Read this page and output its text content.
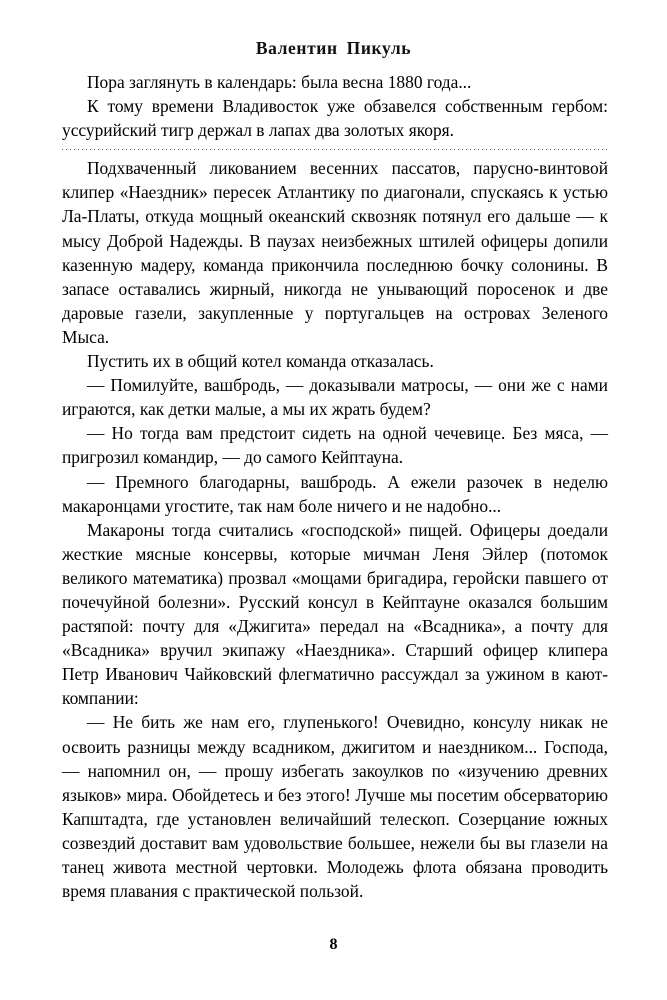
Валентин Пикуль

Пора заглянуть в календарь: была весна 1880 года...

К тому времени Владивосток уже обзавелся собственным гербом: уссурийский тигр держал в лапах два золотых якоря.

Подхваченный ликованием весенних пассатов, парусно-винтовой клипер «Наездник» пересек Атлантику по диагонали, спускаясь к устью Ла-Платы, откуда мощный океанский сквозняк потянул его дальше — к мысу Доброй Надежды. В паузах неизбежных штилей офицеры допили казенную мадеру, команда прикончила последнюю бочку солонины. В запасе оставались жирный, никогда не унывающий поросенок и две даровые газели, закупленные у португальцев на островах Зеленого Мыса.

Пустить их в общий котел команда отказалась.

— Помилуйте, вашбродь, — доказывали матросы, — они же с нами играются, как детки малые, а мы их жрать будем?

— Но тогда вам предстоит сидеть на одной чечевице. Без мяса, — пригрозил командир, — до самого Кейптауна.

— Премного благодарны, вашбродь. А ежели разочек в неделю макаронцами угостите, так нам боле ничего и не надобно...

Макароны тогда считались «господской» пищей. Офицеры доедали жесткие мясные консервы, которые мичман Леня Эйлер (потомок великого математика) прозвал «мощами бригадира, геройски павшего от почечуйной болезни». Русский консул в Кейптауне оказался большим растяпой: почту для «Джигита» передал на «Всадника», а почту для «Всадника» вручил экипажу «Наездника». Старший офицер клипера Петр Иванович Чайковский флегматично рассуждал за ужином в кают-компании:

— Не бить же нам его, глупенького! Очевидно, консулу никак не освоить разницы между всадником, джигитом и наездником... Господа, — напомнил он, — прошу избегать закоулков по «изучению древних языков» мира. Обойдетесь и без этого! Лучше мы посетим обсерваторию Капштадта, где установлен величайший телескоп. Созерцание южных созвездий доставит вам удовольствие большее, нежели бы вы глазели на танец живота местной чертовки. Молодежь флота обязана проводить время плавания с практической пользой.

8
